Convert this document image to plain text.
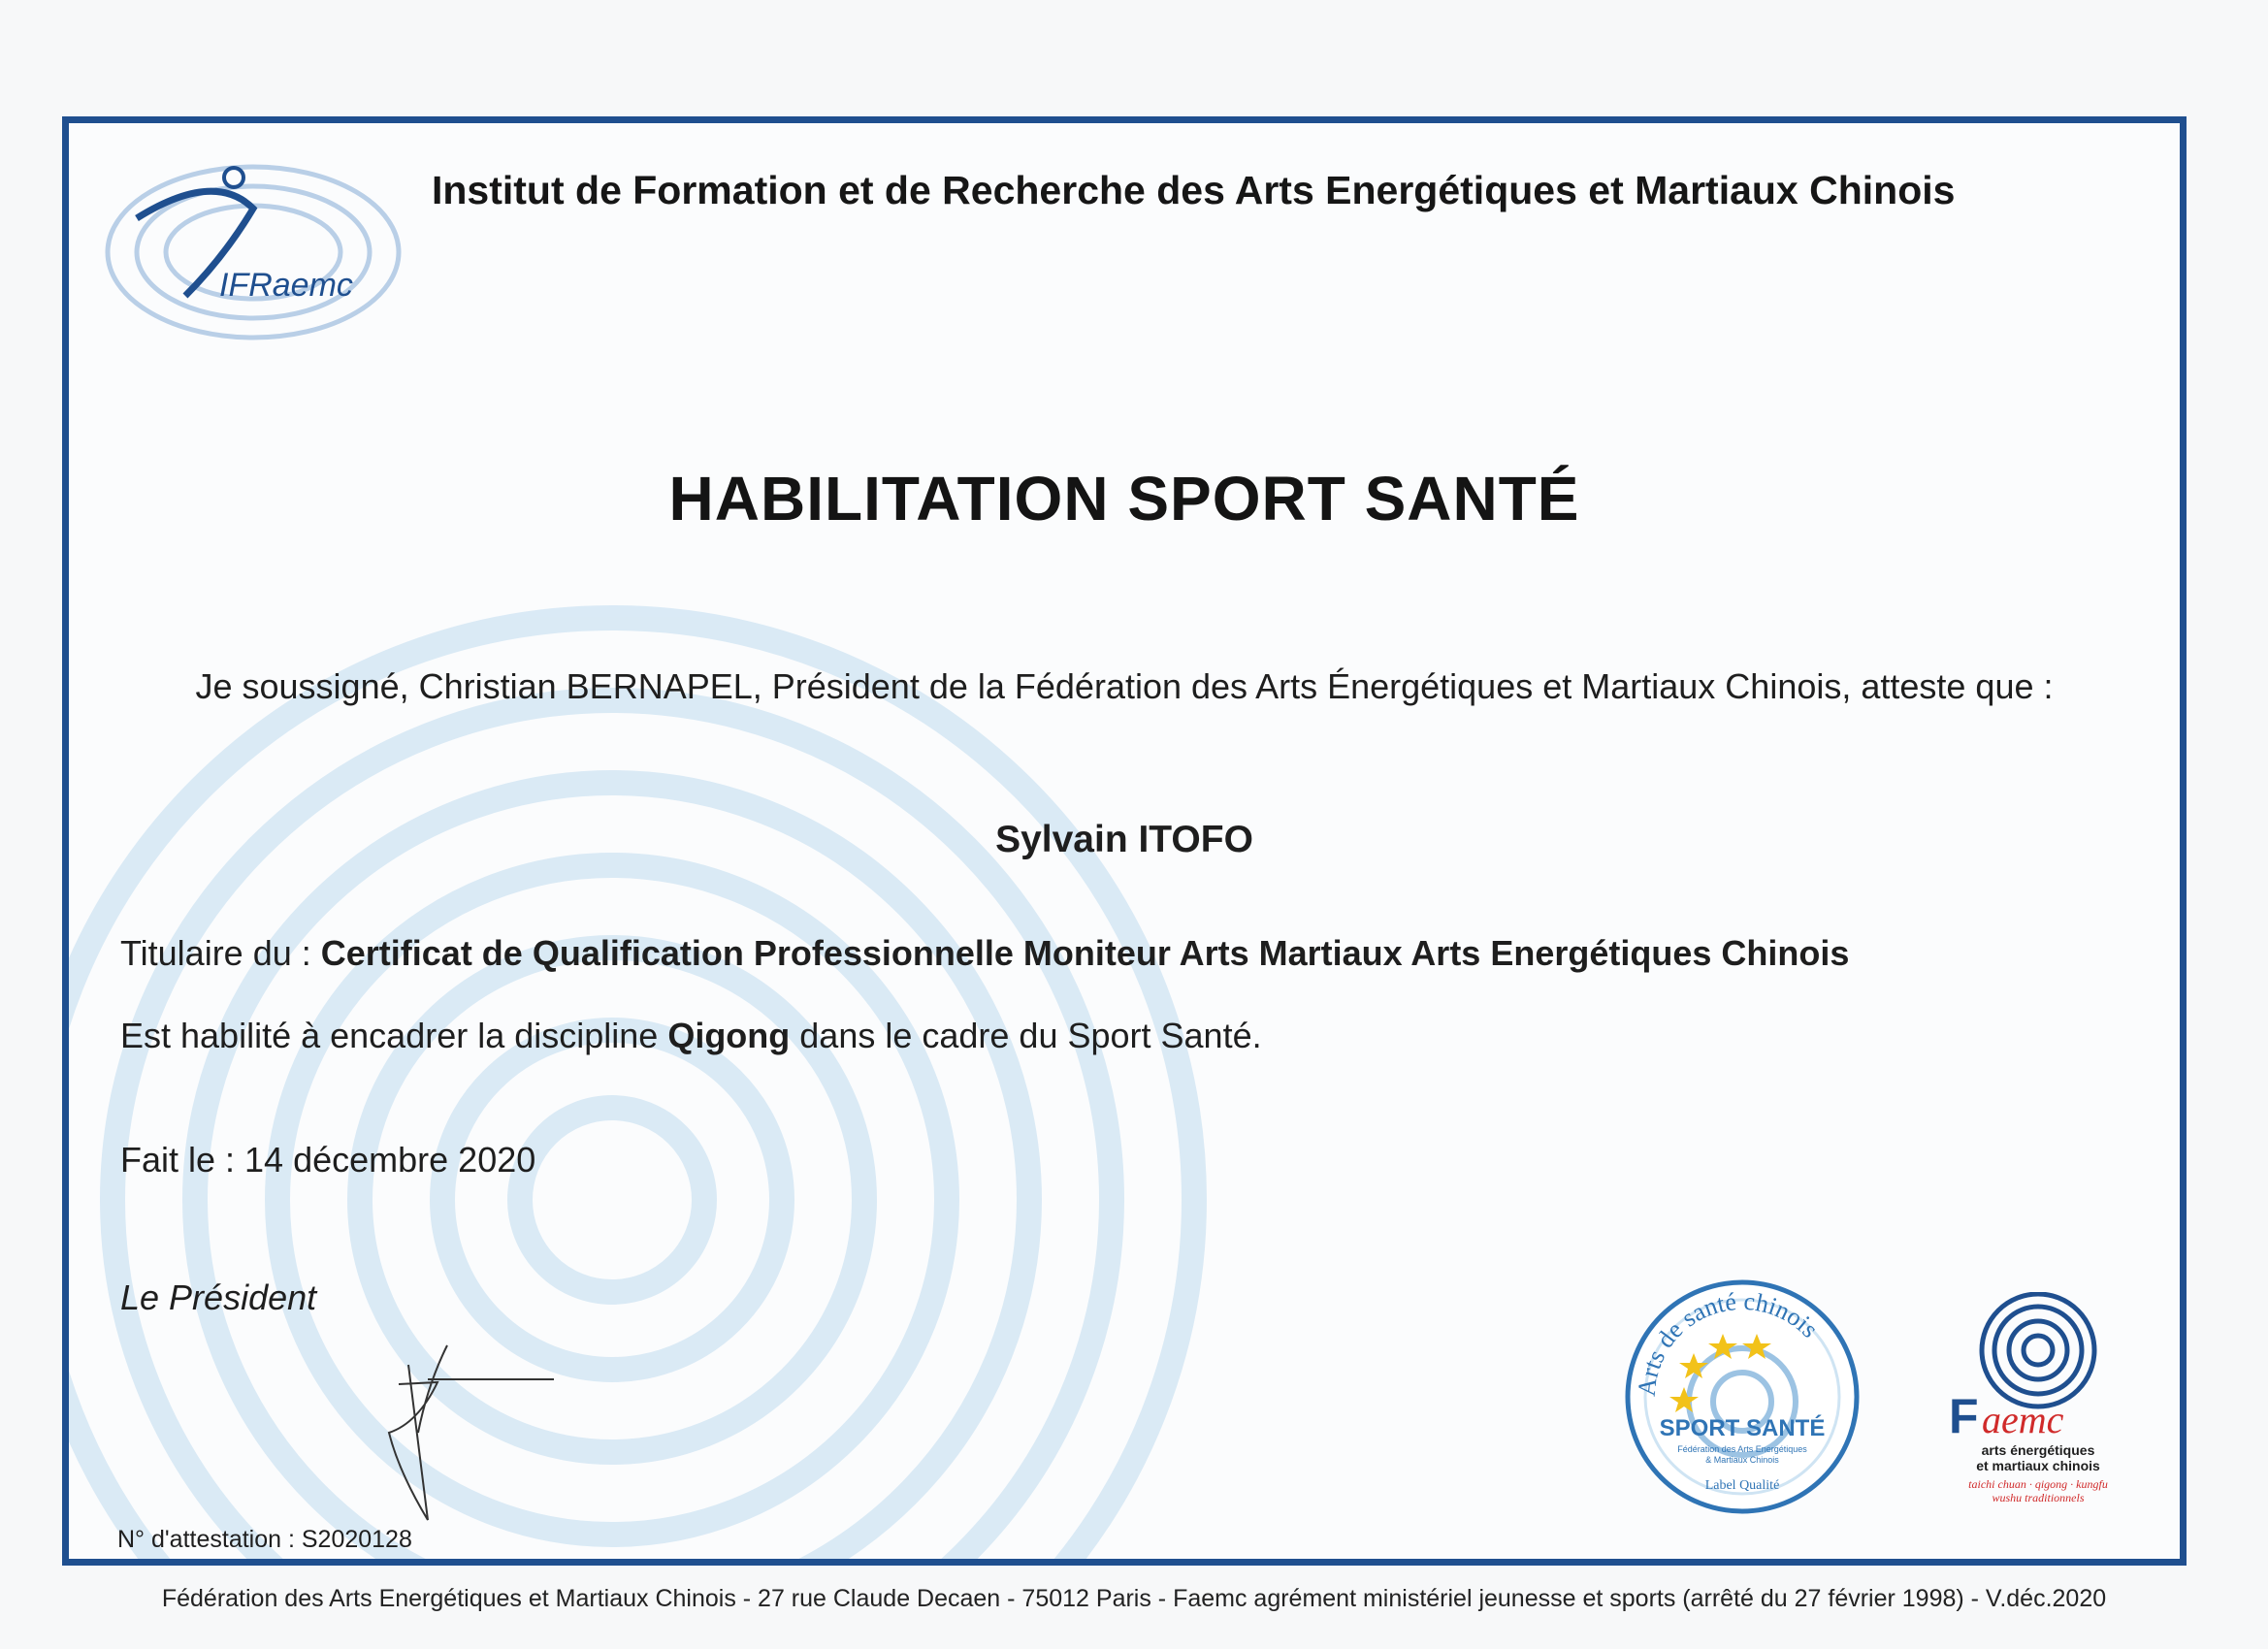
IFRaemc
Institut de Formation et de Recherche des Arts Energétiques et Martiaux Chinois
HABILITATION SPORT SANTÉ
Je soussigné, Christian BERNAPEL, Président de la Fédération des Arts Énergétiques et Martiaux Chinois, atteste que :
Sylvain ITOFO
Titulaire du : Certificat de Qualification Professionnelle Moniteur Arts Martiaux Arts Energétiques Chinois
Est habilité à encadrer la discipline Qigong dans le cadre du Sport Santé.
Fait le : 14 décembre 2020
Le Président
N° d'attestation : S2020128
Arts de santé chinois
SPORT SANTÉ
Fédération des Arts Energétiques
& Martiaux Chinois
Label Qualité
F aemc
arts énergétiques
et martiaux chinois
taichi chuan · qigong · kungfu
wushu traditionnels
Fédération des Arts Energétiques et Martiaux Chinois - 27 rue Claude Decaen - 75012 Paris - Faemc agrément ministériel jeunesse et sports (arrêté du 27 février 1998) - V.déc.2020
